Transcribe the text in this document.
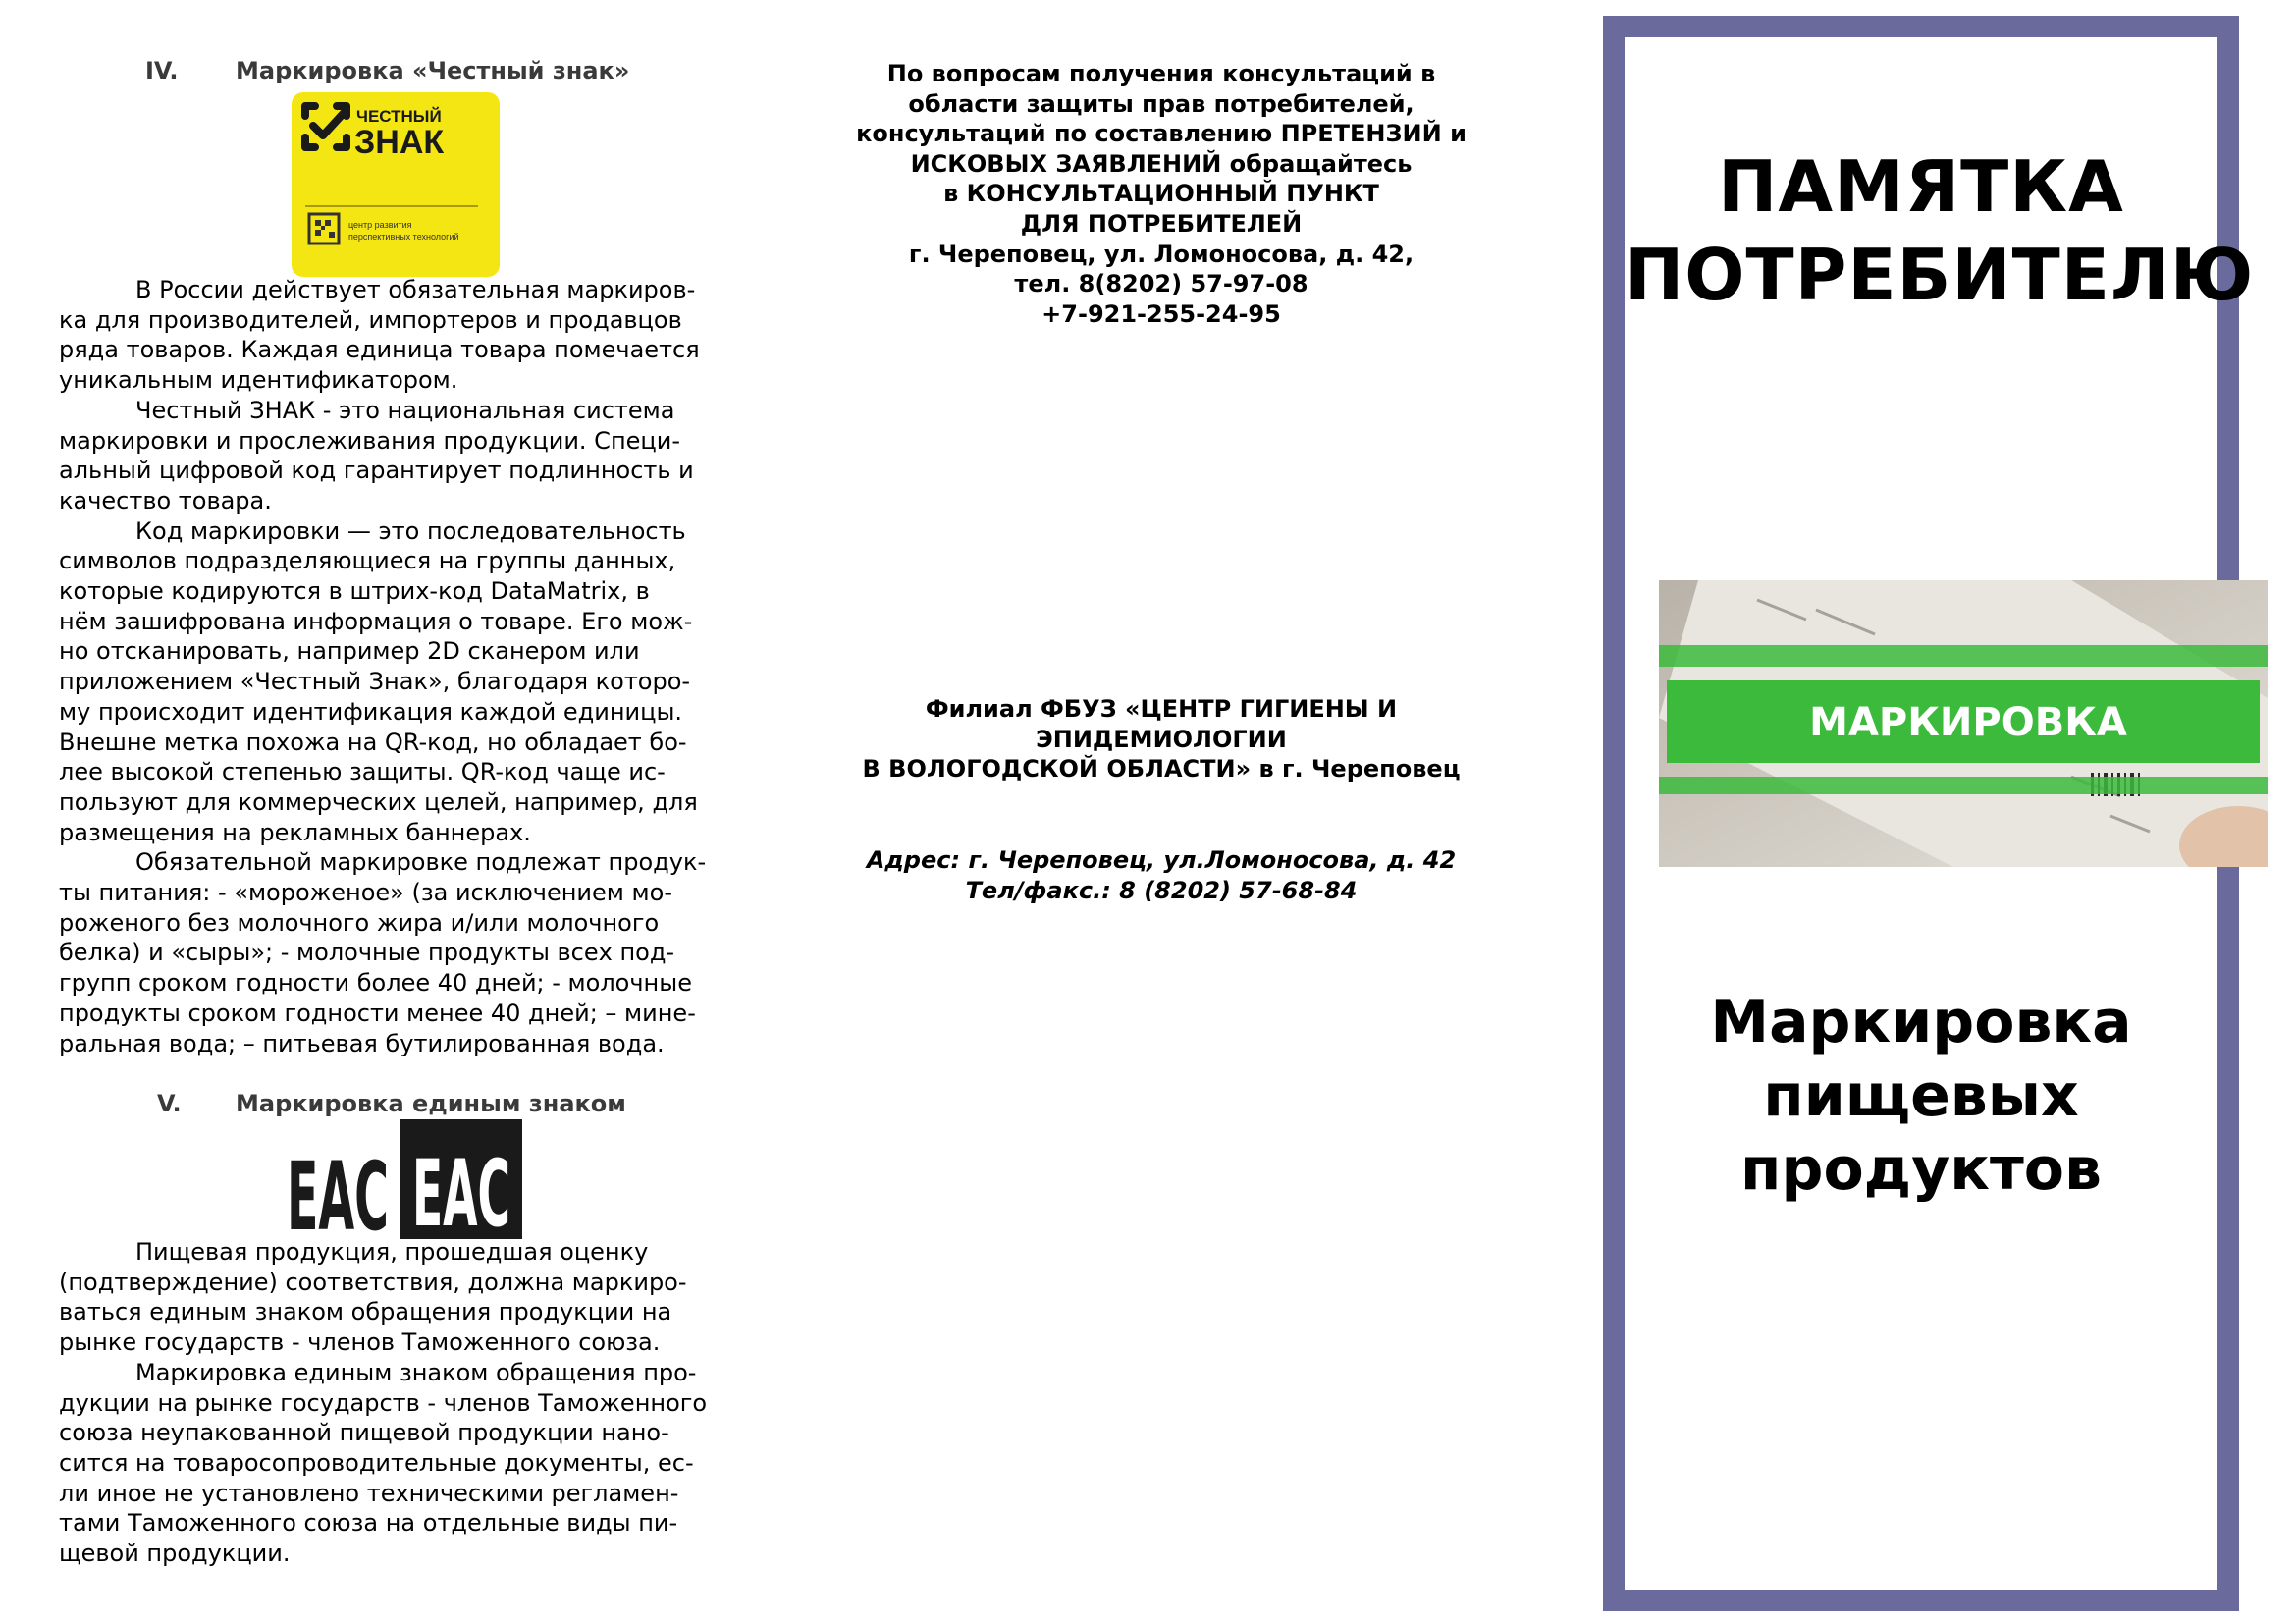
IV. Маркировка «Честный знак»
ЧЕСТНЫЙ
ЗНАК
центр развития
перспективных технологий

В России действует обязательная маркиров-
ка для производителей, импортеров и продавцов
ряда товаров. Каждая единица товара помечается
уникальным идентификатором.

Честный ЗНАК - это национальная система
маркировки и прослеживания продукции. Специ-
альный цифровой код гарантирует подлинность и
качество товара.

Код маркировки — это последовательность
символов подразделяющиеся на группы данных,
которые кодируются в штрих-код DataMatrix, в
нём зашифрована информация о товаре. Его мож-
но отсканировать, например 2D сканером или
приложением «Честный Знак», благодаря которо-
му происходит идентификация каждой единицы.
Внешне метка похожа на QR-код, но обладает бо-
лее высокой степенью защиты. QR-код чаще ис-
пользуют для коммерческих целей, например, для
размещения на рекламных баннерах.

Обязательной маркировке подлежат продук-
ты питания: - «мороженое» (за исключением мо-
роженого без молочного жира и/или молочного
белка) и «сыры»; - молочные продукты всех под-
групп сроком годности более 40 дней; - молочные
продукты сроком годности менее 40 дней; – мине-
ральная вода; – питьевая бутилированная вода.

V. Маркировка единым знаком
EAC EAC

Пищевая продукция, прошедшая оценку
(подтверждение) соответствия, должна маркиро-
ваться единым знаком обращения продукции на
рынке государств - членов Таможенного союза.

Маркировка единым знаком обращения про-
дукции на рынке государств - членов Таможенного
союза неупакованной пищевой продукции нано-
сится на товаросопроводительные документы, ес-
ли иное не установлено техническими регламен-
тами Таможенного союза на отдельные виды пи-
щевой продукции.

По вопросам получения консультаций в
области защиты прав потребителей,
консультаций по составлению ПРЕТЕНЗИЙ и
ИСКОВЫХ ЗАЯВЛЕНИЙ обращайтесь
в КОНСУЛЬТАЦИОННЫЙ ПУНКТ
ДЛЯ ПОТРЕБИТЕЛЕЙ
г. Череповец, ул. Ломоносова, д. 42,
тел. 8(8202) 57-97-08
+7-921-255-24-95
Филиал ФБУЗ «ЦЕНТР ГИГИЕНЫ И
ЭПИДЕМИОЛОГИИ
В ВОЛОГОДСКОЙ ОБЛАСТИ» в г. Череповец
Адрес: г. Череповец, ул.Ломоносова, д. 42
Тел/факс.: 8 (8202) 57-68-84
ПАМЯТКА
ПОТРЕБИТЕЛЮ
МАРКИРОВКА
Маркировка
пищевых
продуктов
